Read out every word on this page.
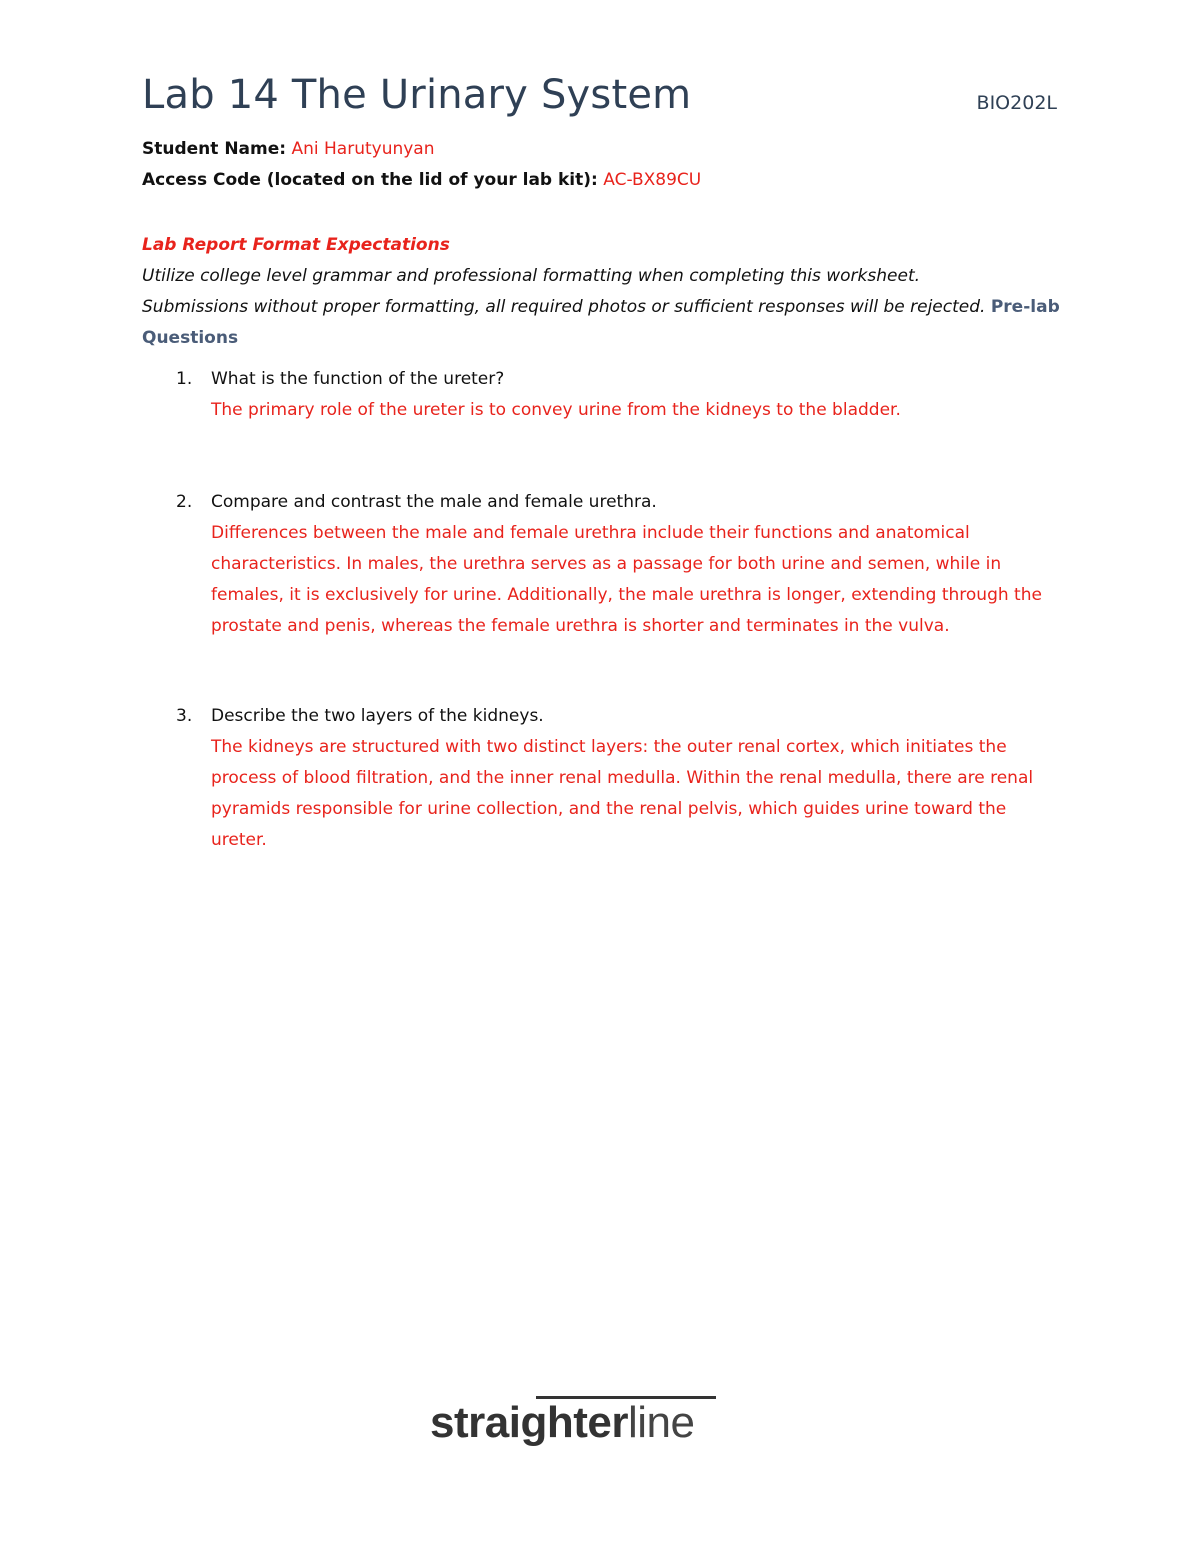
Lab 14 The Urinary System	BIO202L
Student Name: Ani Harutyunyan
Access Code (located on the lid of your lab kit): AC-BX89CU
Lab Report Format Expectations
Utilize college level grammar and professional formatting when completing this worksheet.
Submissions without proper formatting, all required photos or sufficient responses will be rejected. Pre-lab Questions
1.	What is the function of the ureter?
The primary role of the ureter is to convey urine from the kidneys to the bladder.
2.	Compare and contrast the male and female urethra.
Differences between the male and female urethra include their functions and anatomical characteristics. In males, the urethra serves as a passage for both urine and semen, while in females, it is exclusively for urine. Additionally, the male urethra is longer, extending through the prostate and penis, whereas the female urethra is shorter and terminates in the vulva.
3.	Describe the two layers of the kidneys.
The kidneys are structured with two distinct layers: the outer renal cortex, which initiates the process of blood filtration, and the inner renal medulla. Within the renal medulla, there are renal pyramids responsible for urine collection, and the renal pelvis, which guides urine toward the ureter.
straighterline
